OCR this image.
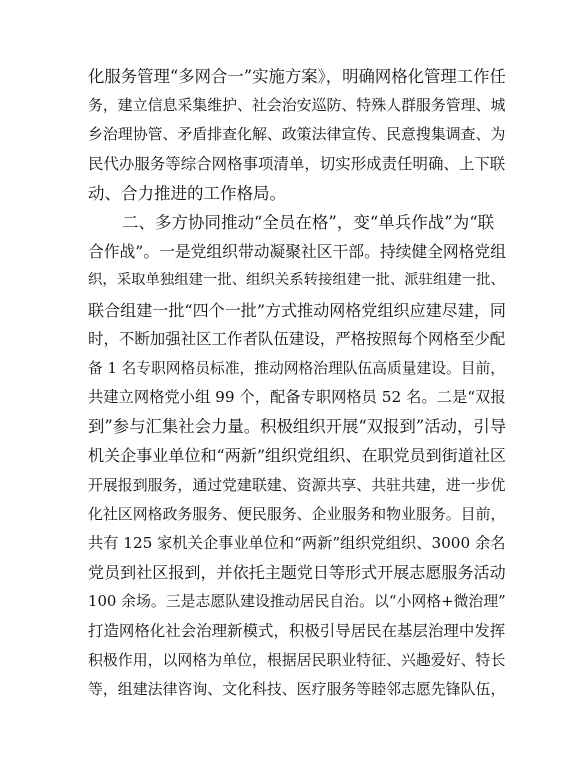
化服务管理“多网合一”实施方案》，明确网格化管理工作任
务，建立信息采集维护、社会治安巡防、特殊人群服务管理、城
乡治理协管、矛盾排查化解、政策法律宣传、民意搜集调查、为
民代办服务等综合网格事项清单，切实形成责任明确、上下联
动、合力推进的工作格局。
二、多方协同推动“全员在格”，变“单兵作战”为“联
合作战”。一是党组织带动凝聚社区干部。持续健全网格党组
织，采取单独组建一批、组织关系转接组建一批、派驻组建一批、
联合组建一批“四个一批”方式推动网格党组织应建尽建，同
时，不断加强社区工作者队伍建设，严格按照每个网格至少配
备 1 名专职网格员标准，推动网格治理队伍高质量建设。目前，
共建立网格党小组 99 个，配备专职网格员 52 名。二是“双报
到”参与汇集社会力量。积极组织开展“双报到”活动，引导
机关企事业单位和“两新”组织党组织、在职党员到街道社区
开展报到服务，通过党建联建、资源共享、共驻共建，进一步优
化社区网格政务服务、便民服务、企业服务和物业服务。目前，
共有 125 家机关企事业单位和“两新”组织党组织、3000 余名
党员到社区报到，并依托主题党日等形式开展志愿服务活动
100 余场。三是志愿队建设推动居民自治。以“小网格+微治理”
打造网格化社会治理新模式，积极引导居民在基层治理中发挥
积极作用，以网格为单位，根据居民职业特征、兴趣爱好、特长
等，组建法律咨询、文化科技、医疗服务等睦邻志愿先锋队伍，
